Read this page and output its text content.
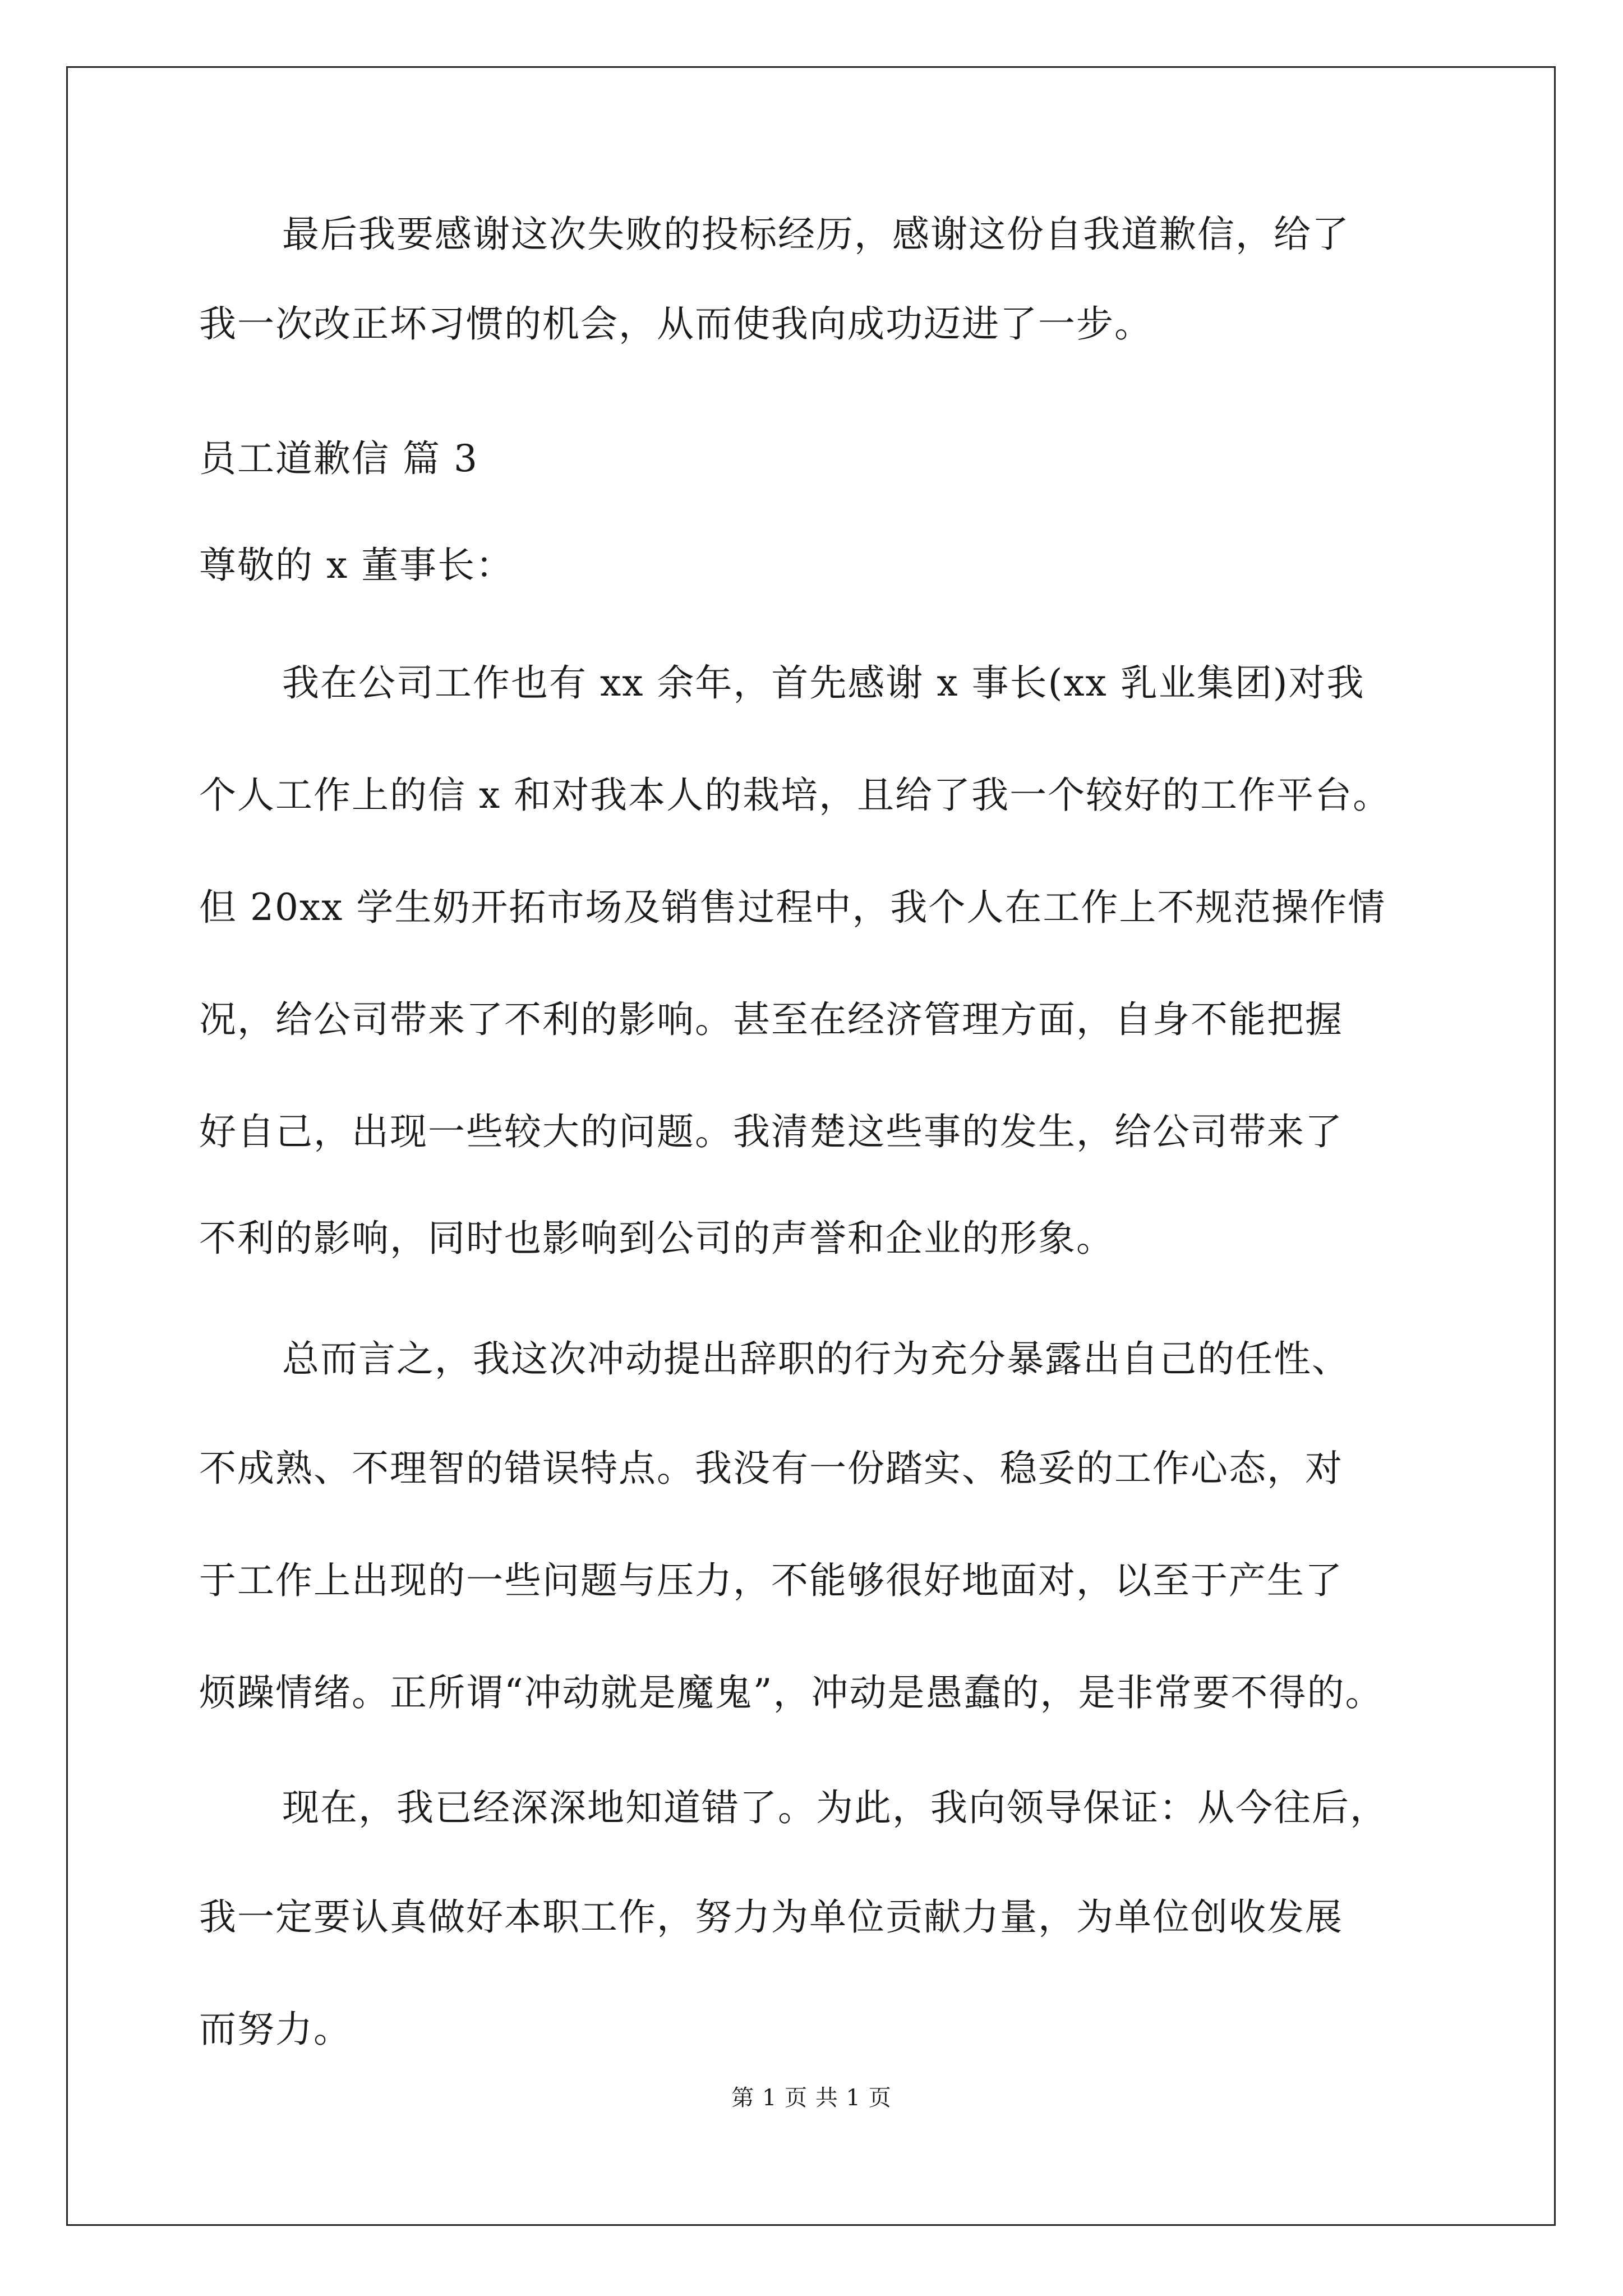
最后我要感谢这次失败的投标经历，感谢这份自我道歉信，给了

我一次改正坏习惯的机会，从而使我向成功迈进了一步。

员工道歉信 篇 3

尊敬的 x 董事长：

我在公司工作也有 xx 余年，首先感谢 x 事长(xx 乳业集团)对我

个人工作上的信 x 和对我本人的栽培，且给了我一个较好的工作平台。

但 20xx 学生奶开拓市场及销售过程中，我个人在工作上不规范操作情

况，给公司带来了不利的影响。甚至在经济管理方面，自身不能把握

好自己，出现一些较大的问题。我清楚这些事的发生，给公司带来了

不利的影响，同时也影响到公司的声誉和企业的形象。

总而言之，我这次冲动提出辞职的行为充分暴露出自己的任性、

不成熟、不理智的错误特点。我没有一份踏实、稳妥的工作心态，对

于工作上出现的一些问题与压力，不能够很好地面对，以至于产生了

烦躁情绪。正所谓“冲动就是魔鬼”，冲动是愚蠢的，是非常要不得的。

现在，我已经深深地知道错了。为此，我向领导保证：从今往后，

我一定要认真做好本职工作，努力为单位贡献力量，为单位创收发展

而努力。

第 1 页 共 1 页
